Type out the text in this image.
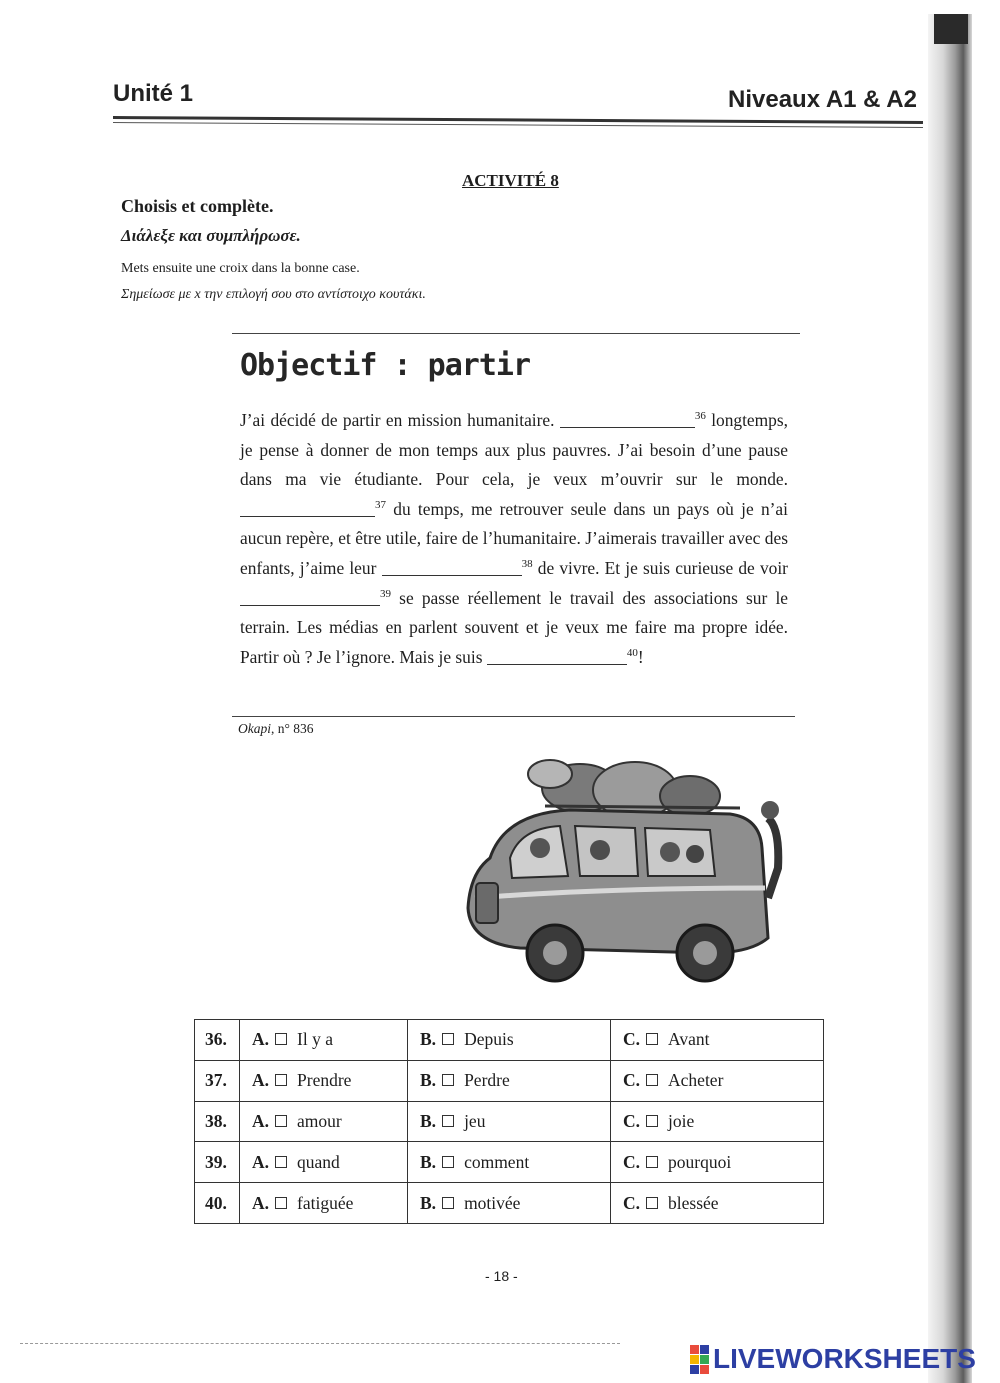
Unité 1	Niveaux A1 & A2
ACTIVITÉ 8
Choisis et complète.
Διάλεξε και συμπλήρωσε.
Mets ensuite une croix dans la bonne case.
Σημείωσε με x την επιλογή σου στο αντίστοιχο κουτάκι.
Objectif : partir

J’ai décidé de partir en mission humanitaire.	$^{36}$ longtemps, je pense à donner de mon temps aux plus pauvres. J’ai besoin d’une pause dans ma vie étudiante. Pour cela, je veux m’ouvrir sur le monde. $^{37}$ du temps, me retrouver seule dans un pays où je n’ai aucun repère, et être utile, faire de l’humanitaire. J’aimerais travailler avec des enfants, j’aime leur	$^{38}$ de vivre. Et je suis curieuse de voir $^{39}$ se passe réellement le travail des associations sur le terrain. Les médias en parlent souvent et je veux me faire ma propre idée. Partir où ? Je l’ignore. Mais je suis	$^{40}$!

Okapi, n° 836
36.	A. Il y a	B. Depuis	C. Avant
37.	A. Prendre	B. Perdre	C. Acheter
38.	A. amour	B. jeu	C. joie
39.	A. quand	B. comment	C. pourquoi
40.	A. fatiguée	B. motivée	C. blessée
- 18 -
LIVEWORKSHEETS
